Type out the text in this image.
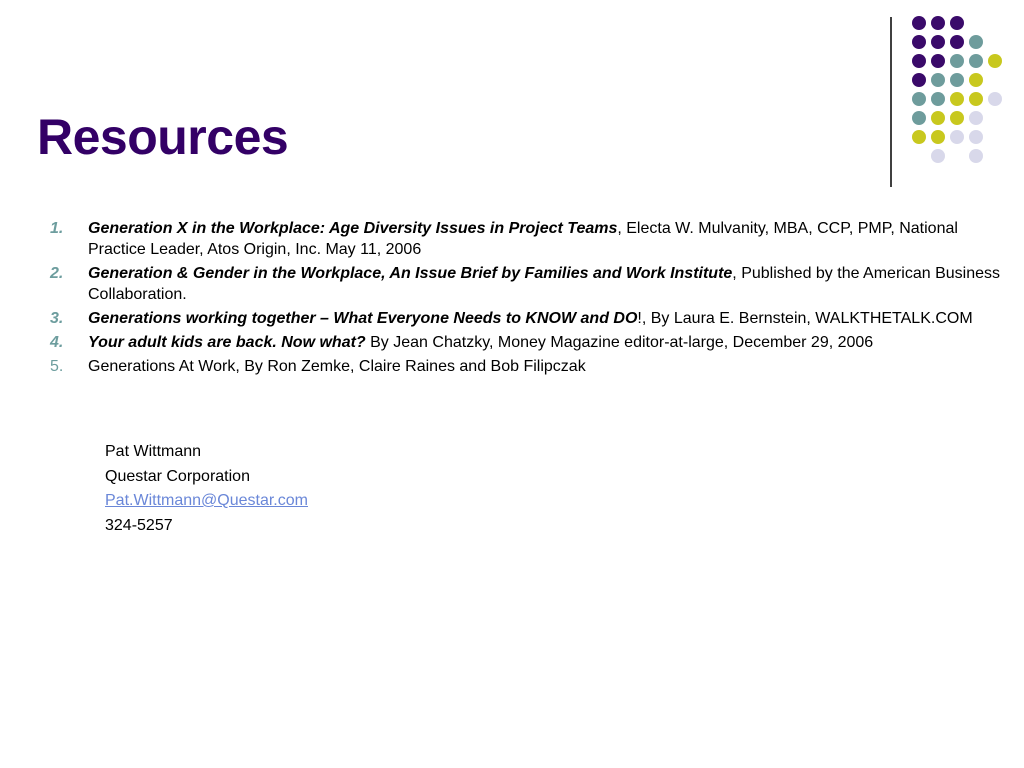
Resources
1. Generation X in the Workplace: Age Diversity Issues in Project Teams, Electa W. Mulvanity, MBA, CCP, PMP, National Practice Leader, Atos Origin, Inc. May 11, 2006
2. Generation & Gender in the Workplace, An Issue Brief by Families and Work Institute, Published by the American Business Collaboration.
3. Generations working together – What Everyone Needs to KNOW and DO!, By Laura E. Bernstein, WALKTHETALK.COM
4. Your adult kids are back. Now what? By Jean Chatzky, Money Magazine editor-at-large, December 29, 2006
5. Generations At Work, By Ron Zemke, Claire Raines and Bob Filipczak
Pat Wittmann
Questar Corporation
Pat.Wittmann@Questar.com
324-5257
